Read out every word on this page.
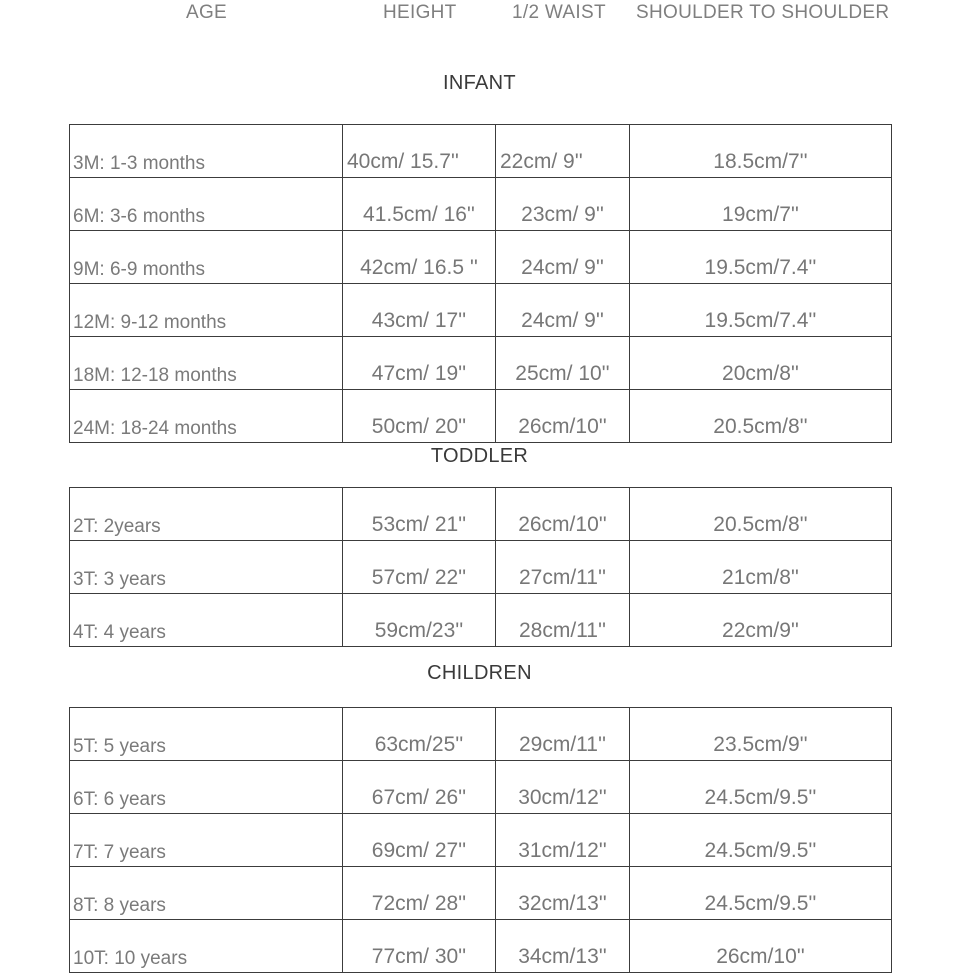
AGE	HEIGHT	1/2 WAIST SHOULDER TO SHOULDER
INFANT
3M: 1-3 months	40cm/ 15.7''	22cm/ 9''	18.5cm/7''
6M: 3-6 months	41.5cm/ 16''	23cm/ 9''	19cm/7''
9M: 6-9 months	42cm/ 16.5 ''	24cm/ 9''	19.5cm/7.4''
12M: 9-12 months	43cm/ 17''	24cm/ 9''	19.5cm/7.4''
18M: 12-18 months	47cm/ 19''	25cm/ 10''	20cm/8''
24M: 18-24 months	50cm/ 20''	26cm/10''	20.5cm/8''
TODDLER
2T: 2years	53cm/ 21''	26cm/10''	20.5cm/8''
3T: 3 years	57cm/ 22''	27cm/11''	21cm/8''
4T: 4 years	59cm/23''	28cm/11''	22cm/9''
CHILDREN
5T: 5 years	63cm/25''	29cm/11''	23.5cm/9''
6T: 6 years	67cm/ 26''	30cm/12''	24.5cm/9.5''
7T: 7 years	69cm/ 27''	31cm/12''	24.5cm/9.5''
8T: 8 years	72cm/ 28''	32cm/13''	24.5cm/9.5''
10T: 10 years	77cm/ 30''	34cm/13''	26cm/10''
